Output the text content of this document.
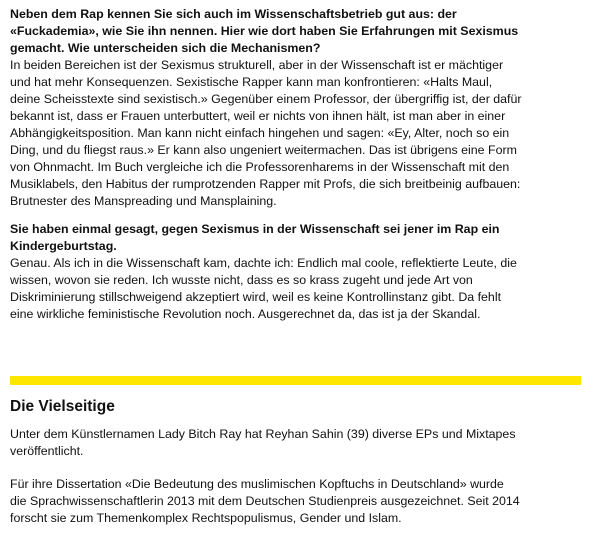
Neben dem Rap kennen Sie sich auch im Wissenschaftsbetrieb gut aus: der
«Fuckademia», wie Sie ihn nennen. Hier wie dort haben Sie Erfahrungen mit Sexismus
gemacht. Wie unterscheiden sich die Mechanismen?

In beiden Bereichen ist der Sexismus strukturell, aber in der Wissenschaft ist er mächtiger
und hat mehr Konsequenzen. Sexistische Rapper kann man konfrontieren: «Halts Maul,
deine Scheisstexte sind sexistisch.» Gegenüber einem Professor, der übergriffig ist, der dafür
bekannt ist, dass er Frauen unterbuttert, weil er nichts von ihnen hält, ist man aber in einer
Abhängigkeitsposition. Man kann nicht einfach hingehen und sagen: «Ey, Alter, noch so ein
Ding, und du fliegst raus.» Er kann also ungeniert weitermachen. Das ist übrigens eine Form
von Ohnmacht. Im Buch vergleiche ich die Professorenharems in der Wissenschaft mit den
Musiklabels, den Habitus der rumprotzenden Rapper mit Profs, die sich breitbeinig aufbauen:
Brutnester des Manspreading und Mansplaining.

Sie haben einmal gesagt, gegen Sexismus in der Wissenschaft sei jener im Rap ein
Kindergeburtstag.

Genau. Als ich in die Wissenschaft kam, dachte ich: Endlich mal coole, reflektierte Leute, die
wissen, wovon sie reden. Ich wusste nicht, dass es so krass zugeht und jede Art von
Diskriminierung stillschweigend akzeptiert wird, weil es keine Kontrollinstanz gibt. Da fehlt
eine wirkliche feministische Revolution noch. Ausgerechnet da, das ist ja der Skandal.

Die Vielseitige

Unter dem Künstlernamen Lady Bitch Ray hat Reyhan Sahin (39) diverse EPs und Mixtapes
veröffentlicht.

Für ihre Dissertation «Die Bedeutung des muslimischen Kopftuchs in Deutschland» wurde
die Sprachwissenschaftlerin 2013 mit dem Deutschen Studienpreis ausgezeichnet. Seit 2014
forscht sie zum Themenkomplex Rechtspopulismus, Gender und Islam.
